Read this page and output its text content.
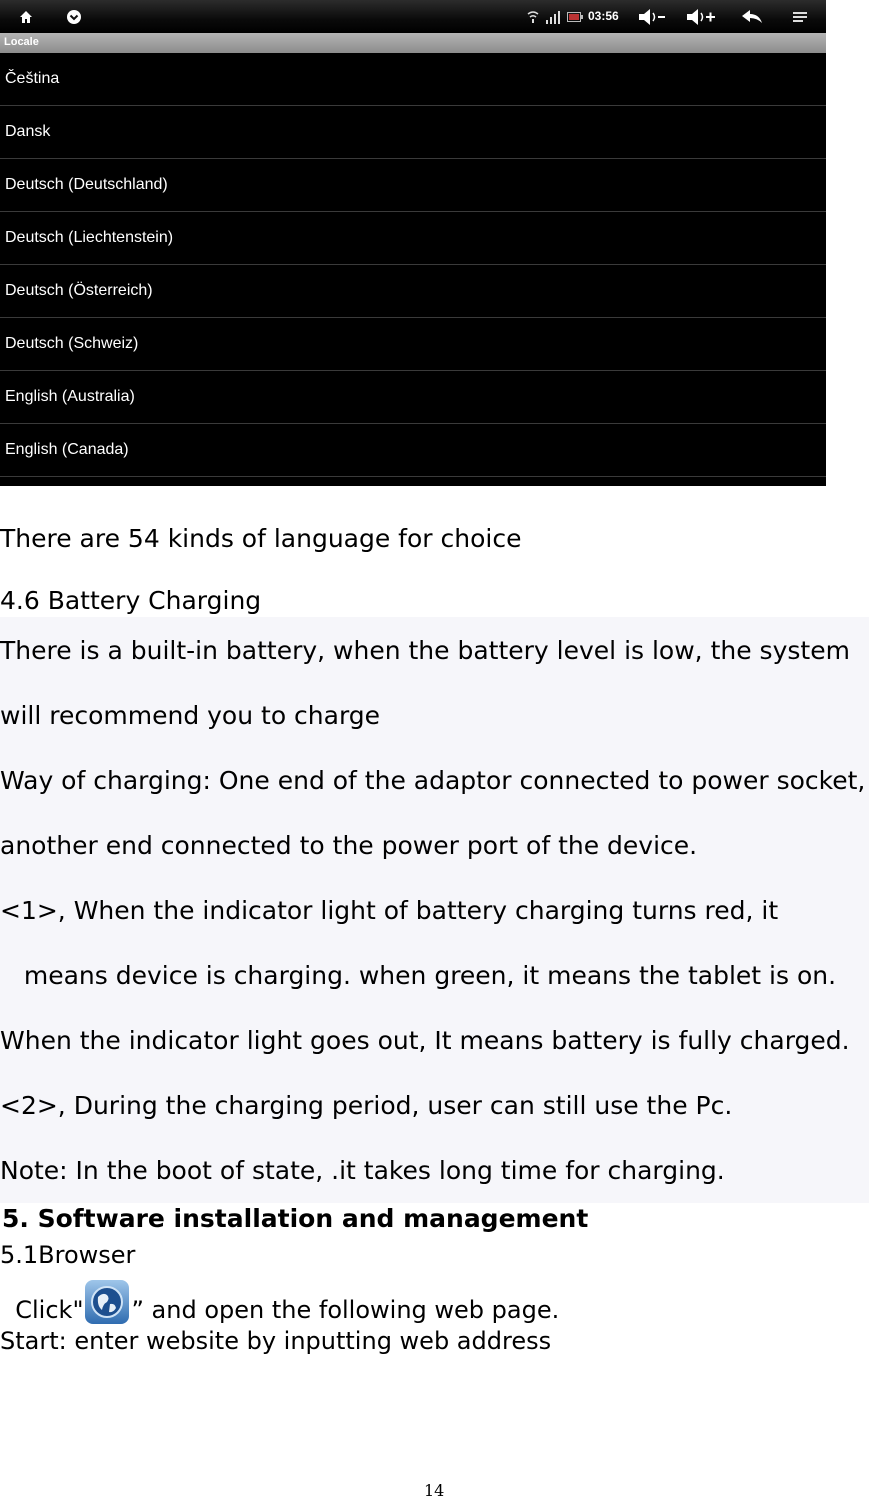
03:56
Locale
Čeština
Dansk
Deutsch (Deutschland)
Deutsch (Liechtenstein)
Deutsch (Österreich)
Deutsch (Schweiz)
English (Australia)
English (Canada)
There are 54 kinds of language for choice
4.6 Battery Charging
There is a built-in battery, when the battery level is low, the system
will recommend you to charge
Way of charging: One end of the adaptor connected to power socket,
another end connected to the power port of the device.
<1>, When the indicator light of battery charging turns red, it
means device is charging. when green, it means the tablet is on.
When the indicator light goes out, It means battery is fully charged.
<2>, During the charging period, user can still use the Pc.
Note: In the boot of state, .it takes long time for charging.
5. Software installation and management
5.1Browser
Click" ” and open the following web page.
Start: enter website by inputting web address
14
